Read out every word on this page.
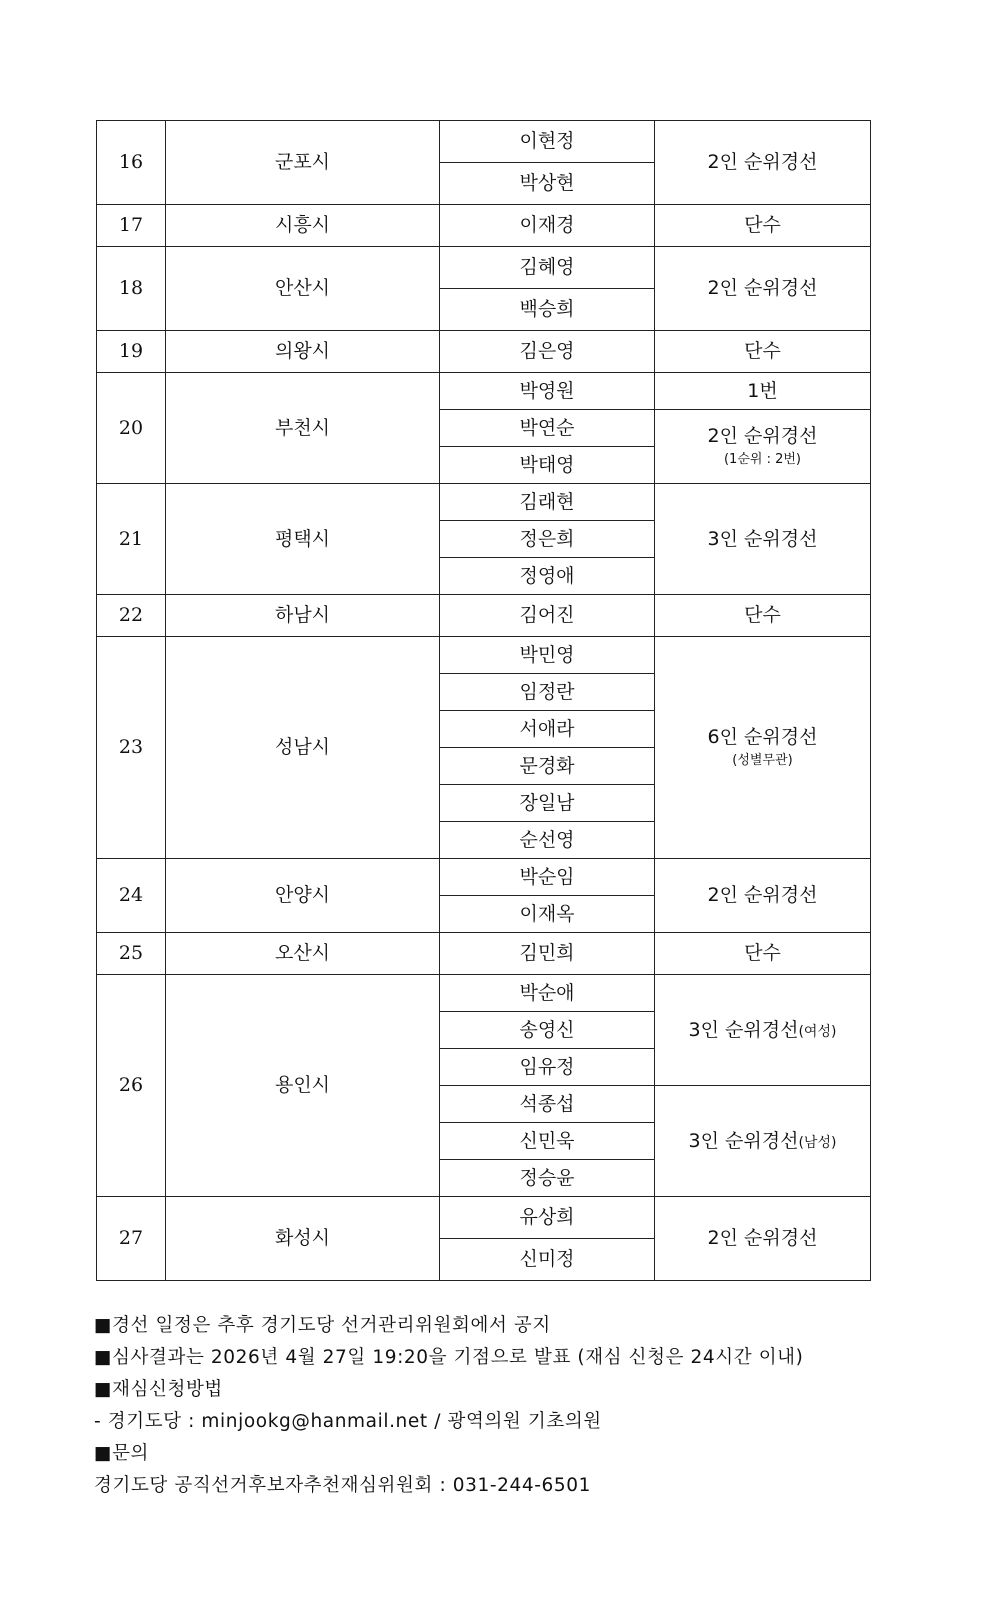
16	군포시	이현정	2인 순위경선
		박상현	
17	시흥시	이재경	단수
18	안산시	김혜영	2인 순위경선
		백승희	
19	의왕시	김은영	단수
20	부천시	박영원	1번
		박연순	2인 순위경선
(1순위 : 2번)

		박태영	
21	평택시	김래현	3인 순위경선
		정은희	
		정영애	
22	하남시	김어진	단수
23	성남시	박민영	6인 순위경선
(성별무관)

		임정란	
		서애라	
		문경화	
		장일남	
		순선영	
24	안양시	박순임	2인 순위경선
		이재옥	
25	오산시	김민희	단수
26	용인시	박순애	3인 순위경선(여성)
		송영신	
		임유정	
		석종섭	3인 순위경선(남성)
		신민욱	
		정승윤	
27	화성시	유상희	2인 순위경선
		신미정	
■경선 일정은 추후 경기도당 선거관리위원회에서 공지
■심사결과는 2026년 4월 27일 19:20을 기점으로 발표 (재심 신청은 24시간 이내)
■재심신청방법
- 경기도당 : minjookg@hanmail.net / 광역의원 기초의원
■문의
경기도당 공직선거후보자추천재심위원회 : 031-244-6501
